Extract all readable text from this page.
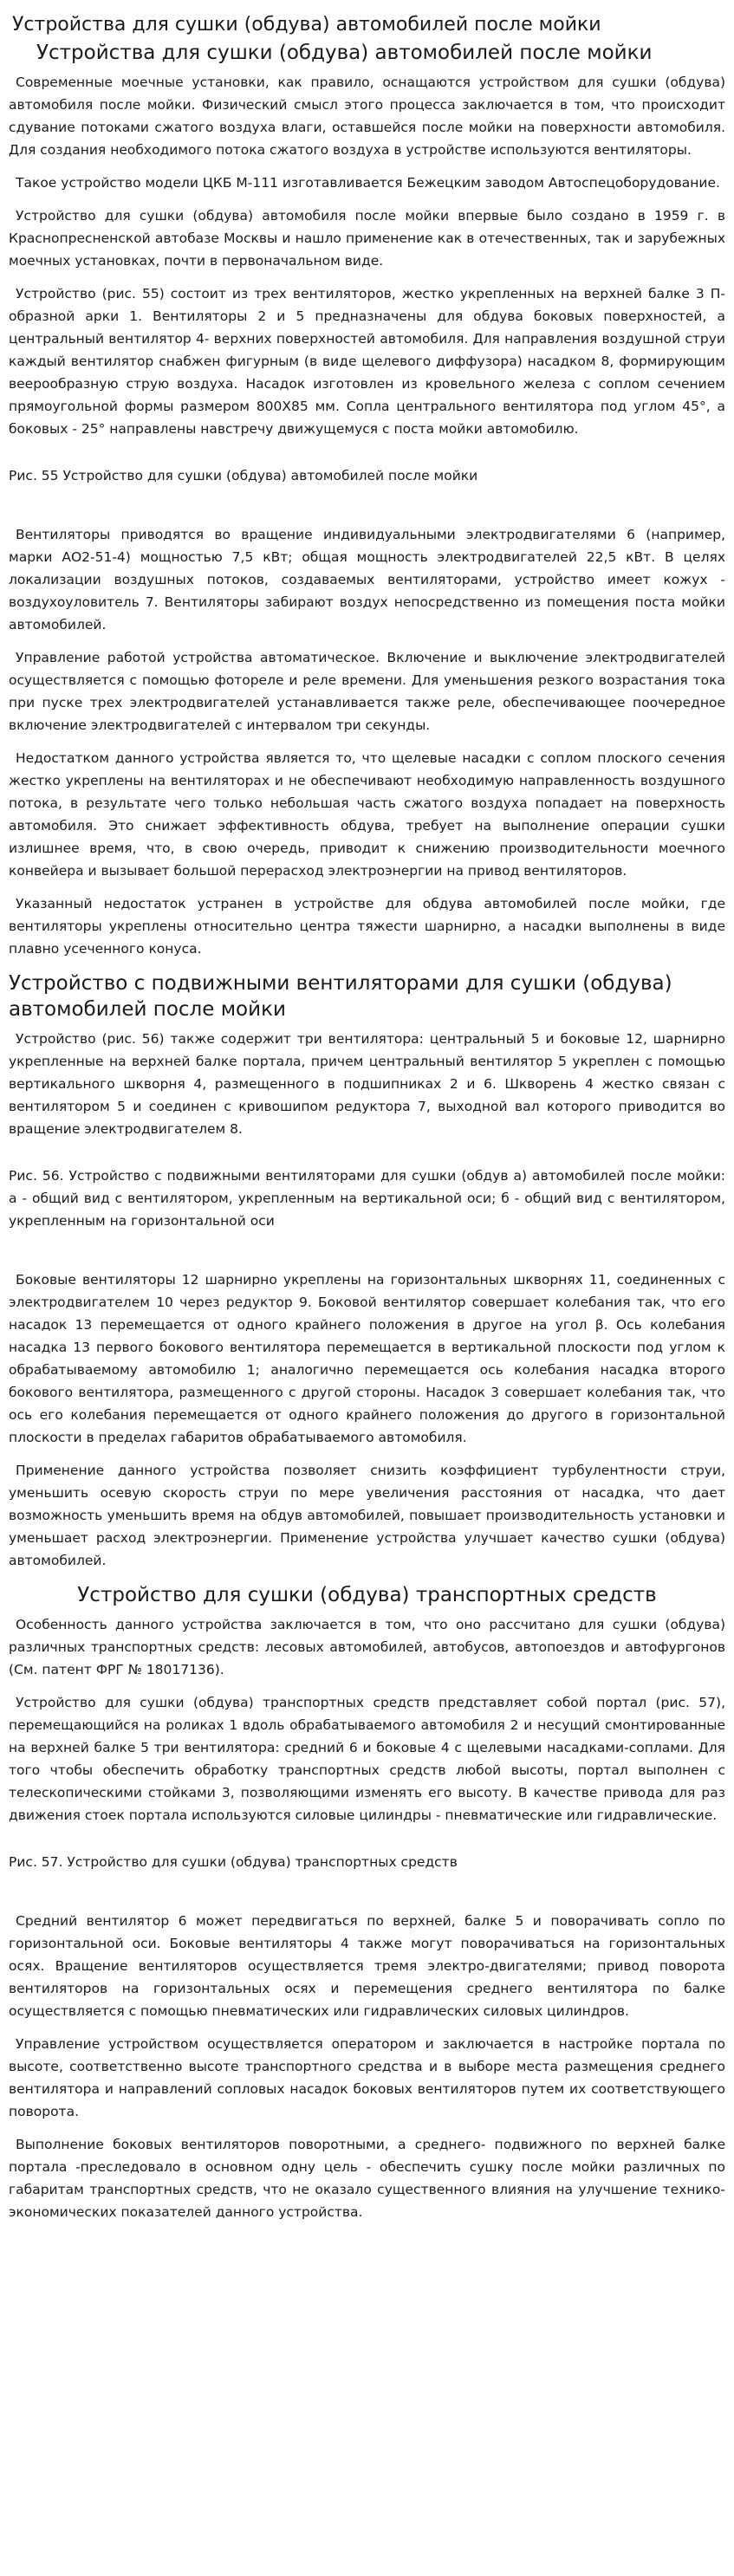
Устройства для сушки (обдува) автомобилей после мойки
Устройства для сушки (обдува) автомобилей после мойки

Современные моечные установки, как правило, оснащаются устройством для сушки (обдува) автомобиля после мойки. Физический смысл этого процесса заключается в том, что происходит сдувание потоками сжатого воздуха влаги, оставшейся после мойки на поверхности автомобиля. Для создания необходимого потока сжатого воздуха в устройстве используются вентиляторы.

Такое устройство модели ЦКБ М-111 изготавливается Бежецким заводом Автоспецоборудование.

Устройство для сушки (обдува) автомобиля после мойки впервые было создано в 1959 г. в Краснопресненской автобазе Москвы и нашло применение как в отечественных, так и зарубежных моечных установках, почти в первоначальном виде.

Устройство (рис. 55) состоит из трех вентиляторов, жестко укрепленных на верхней балке 3 П-образной арки 1. Вентиляторы 2 и 5 предназначены для обдува боковых поверхностей, а центральный вентилятор 4- верхних поверхностей автомобиля. Для направления воздушной струи каждый вентилятор снабжен фигурным (в виде щелевого диффузора) насадком 8, формирующим веерообразную струю воздуха. Насадок изготовлен из кровельного железа с соплом сечением прямоугольной формы размером 800X85 мм. Сопла центрального вентилятора под углом 45°, а боковых - 25° направлены навстречу движущемуся с поста мойки автомобилю.

Рис. 55 Устройство для сушки (обдува) автомобилей после мойки

Вентиляторы приводятся во вращение индивидуальными электродвигателями 6 (например, марки АО2-51-4) мощностью 7,5 кВт; общая мощность электродвигателей 22,5 кВт. В целях локализации воздушных потоков, создаваемых вентиляторами, устройство имеет кожух - воздухоуловитель 7. Вентиляторы забирают воздух непосредственно из помещения поста мойки автомобилей.

Управление работой устройства автоматическое. Включение и выключение электродвигателей осуществляется с помощью фотореле и реле времени. Для уменьшения резкого возрастания тока при пуске трех электродвигателей устанавливается также реле, обеспечивающее поочередное включение электродвигателей с интервалом три секунды.

Недостатком данного устройства является то, что щелевые насадки с соплом плоского сечения жестко укреплены на вентиляторах и не обеспечивают необходимую направленность воздушного потока, в результате чего только небольшая часть сжатого воздуха попадает на поверхность автомобиля. Это снижает эффективность обдува, требует на выполнение операции сушки излишнее время, что, в свою очередь, приводит к снижению производительности моечного конвейера и вызывает большой перерасход электроэнергии на привод вентиляторов.

Указанный недостаток устранен в устройстве для обдува автомобилей после мойки, где вентиляторы укреплены относительно центра тяжести шарнирно, а насадки выполнены в виде плавно усеченного конуса.

Устройство с подвижными вентиляторами для сушки (обдува) автомобилей после мойки

Устройство (рис. 56) также содержит три вентилятора: центральный 5 и боковые 12, шарнирно укрепленные на верхней балке портала, причем центральный вентилятор 5 укреплен с помощью вертикального шкворня 4, размещенного в подшипниках 2 и 6. Шкворень 4 жестко связан с вентилятором 5 и соединен с кривошипом редуктора 7, выходной вал которого приводится во вращение электродвигателем 8.

Рис. 56. Устройство с подвижными вентиляторами для сушки (обдув а) автомобилей после мойки: а - общий вид с вентилятором, укрепленным на вертикальной оси; б - общий вид с вентилятором, укрепленным на горизонтальной оси

Боковые вентиляторы 12 шарнирно укреплены на горизонтальных шкворнях 11, соединенных с электродвигателем 10 через редуктор 9. Боковой вентилятор совершает колебания так, что его насадок 13 перемещается от одного крайнего положения в другое на угол β. Ось колебания насадка 13 первого бокового вентилятора перемещается в вертикальной плоскости под углом к обрабатываемому автомобилю 1; аналогично перемещается ось колебания насадка второго бокового вентилятора, размещенного с другой стороны. Насадок 3 совершает колебания так, что ось его колебания перемещается от одного крайнего положения до другого в горизонтальной плоскости в пределах габаритов обрабатываемого автомобиля.

Применение данного устройства позволяет снизить коэффициент турбулентности струи, уменьшить осевую скорость струи по мере увеличения расстояния от насадка, что дает возможность уменьшить время на обдув автомобилей, повышает производительность установки и уменьшает расход электроэнергии. Применение устройства улучшает качество сушки (обдува) автомобилей.

Устройство для сушки (обдува) транспортных средств

Особенность данного устройства заключается в том, что оно рассчитано для сушки (обдува) различных транспортных средств: лесовых автомобилей, автобусов, автопоездов и автофургонов (См. патент ФРГ № 18017136).

Устройство для сушки (обдува) транспортных средств представляет собой портал (рис. 57), перемещающийся на роликах 1 вдоль обрабатываемого автомобиля 2 и несущий смонтированные на верхней балке 5 три вентилятора: средний 6 и боковые 4 с щелевыми насадками-соплами. Для того чтобы обеспечить обработку транспортных средств любой высоты, портал выполнен с телескопическими стойками 3, позволяющими изменять его высоту. В качестве привода для раз движения стоек портала используются силовые цилиндры - пневматические или гидравлические.

Рис. 57. Устройство для сушки (обдува) транспортных средств

Средний вентилятор 6 может передвигаться по верхней, балке 5 и поворачивать сопло по горизонтальной оси. Боковые вентиляторы 4 также могут поворачиваться на горизонтальных осях. Вращение вентиляторов осуществляется тремя электро-двигателями; привод поворота вентиляторов на горизонтальных осях и перемещения среднего вентилятора по балке осуществляется с помощью пневматических или гидравлических силовых цилиндров.

Управление устройством осуществляется оператором и заключается в настройке портала по высоте, соответственно высоте транспортного средства и в выборе места размещения среднего вентилятора и направлений сопловых насадок боковых вентиляторов путем их соответствующего поворота.

Выполнение боковых вентиляторов поворотными, а среднего- подвижного по верхней балке портала -преследовало в основном одну цель - обеспечить сушку после мойки различных по габаритам транспортных средств, что не оказало существенного влияния на улучшение технико-экономических показателей данного устройства.
